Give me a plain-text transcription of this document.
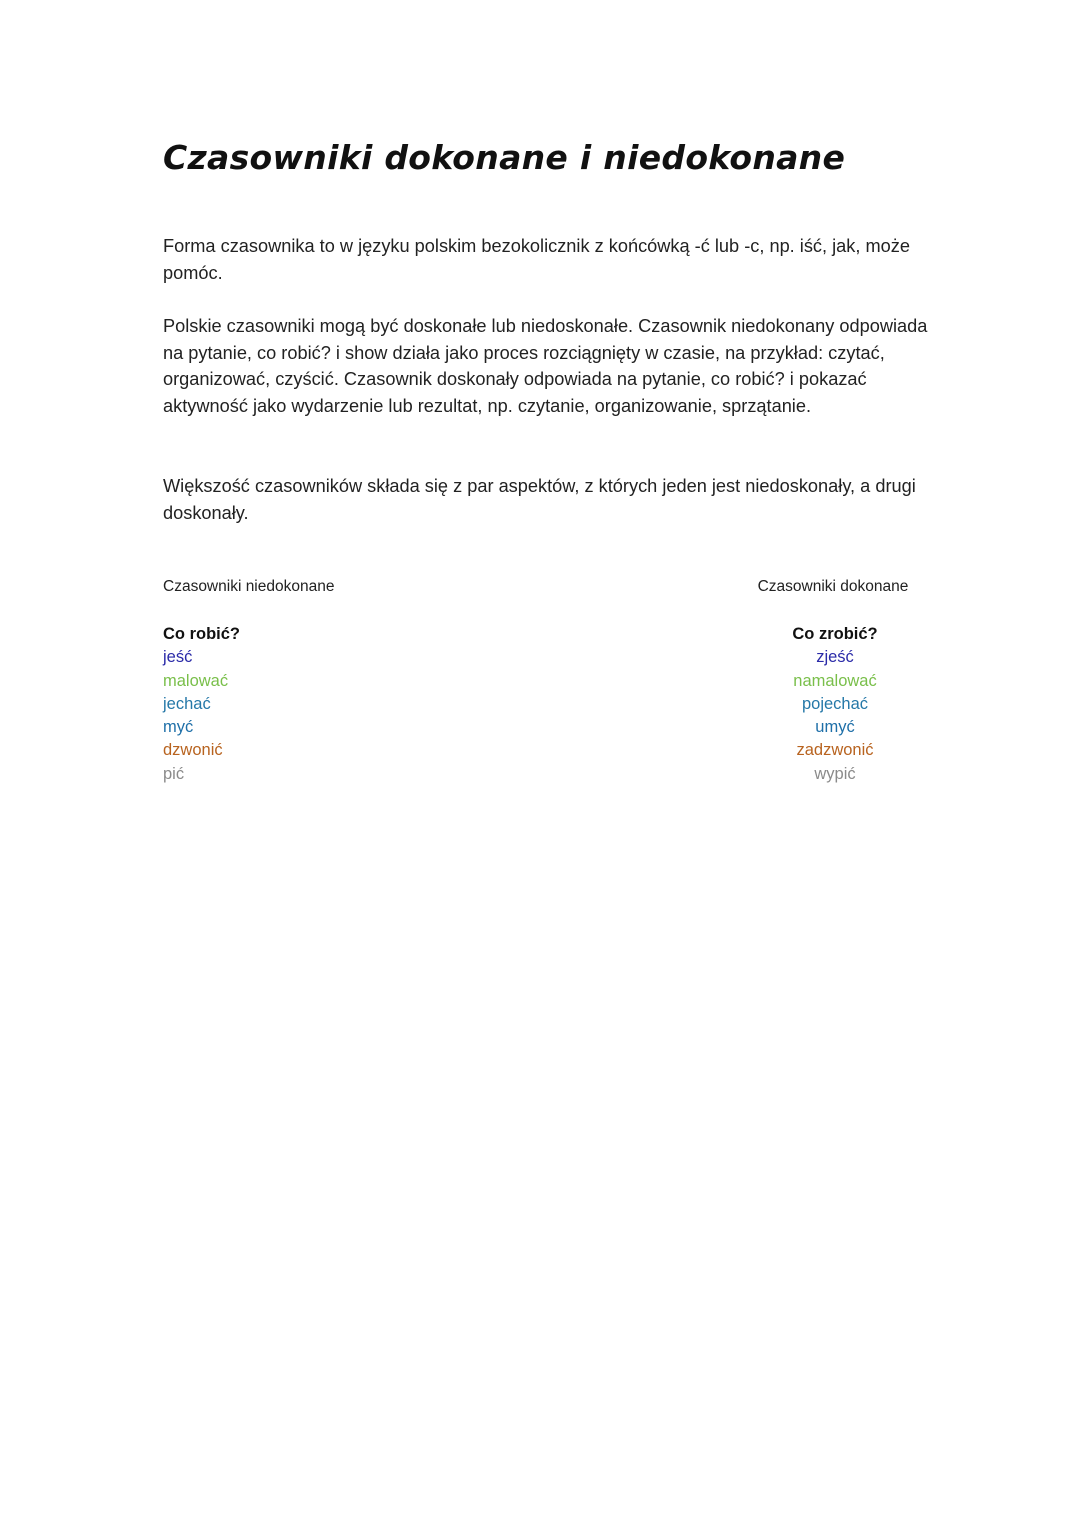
Czasowniki dokonane i niedokonane

Forma czasownika to w języku polskim bezokolicznik z końcówką -ć lub -c, np. iść, jak, może pomóc.

Polskie czasowniki mogą być doskonałe lub niedoskonałe. Czasownik niedokonany odpowiada na pytanie, co robić? i show działa jako proces rozciągnięty w czasie, na przykład: czytać, organizować, czyścić. Czasownik doskonały odpowiada na pytanie, co robić? i pokazać aktywność jako wydarzenie lub rezultat, np. czytanie, organizowanie, sprzątanie.

Większość czasowników składa się z par aspektów, z których jeden jest niedoskonały, a drugi doskonały.

Czasowniki niedokonane	Czasowniki dokonane
Co robić?
jeść
malować
jechać
myć
dzwonić
pić
Co zrobić?
zjeść
namalować
pojechać
umyć
zadzwonić
wypić
